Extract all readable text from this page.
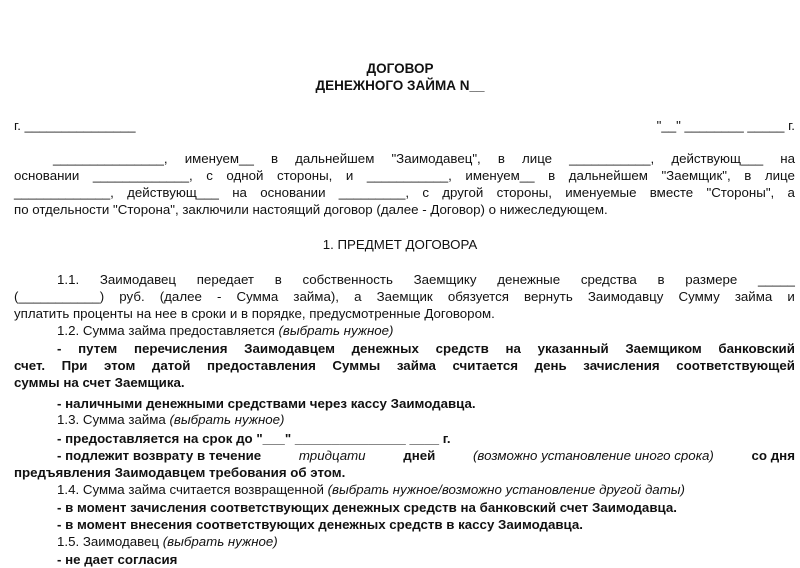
ДОГОВОР
ДЕНЕЖНОГО ЗАЙМА N__
г. _______________	"__" ________ _____ г.
_______________, именуем__ в дальнейшем "Заимодавец", в лице ___________, действующ___ на
основании _____________, с одной стороны, и ___________, именуем__ в дальнейшем "Заемщик", в лице
_____________, действующ___ на основании _________, с другой стороны, именуемые вместе "Стороны", а
по отдельности "Сторона", заключили настоящий договор (далее - Договор) о нижеследующем.
1. ПРЕДМЕТ ДОГОВОРА
1.1. Заимодавец передает в собственность Заемщику денежные средства в размере _____
(___________) руб. (далее - Сумма займа), а Заемщик обязуется вернуть Заимодавцу Сумму займа и
уплатить проценты на нее в сроки и в порядке, предусмотренные Договором.
1.2. Сумма займа предоставляется (выбрать нужное)
- путем перечисления Заимодавцем денежных средств на указанный Заемщиком банковский
счет. При этом датой предоставления Суммы займа считается день зачисления соответствующей
суммы на счет Заемщика.
- наличными денежными средствами через кассу Заимодавца.
1.3. Сумма займа (выбрать нужное)
- предоставляется на срок до "___" _______________ ____ г.
- подлежит возврату в течение	тридцати	дней	(возможно установление иного срока)	со дня
предъявления Заимодавцем требования об этом.
1.4. Сумма займа считается возвращенной (выбрать нужное/возможно установление другой даты)
- в момент зачисления соответствующих денежных средств на банковский счет Заимодавца.
- в момент внесения соответствующих денежных средств в кассу Заимодавца.
1.5. Заимодавец (выбрать нужное)
- не дает согласия
